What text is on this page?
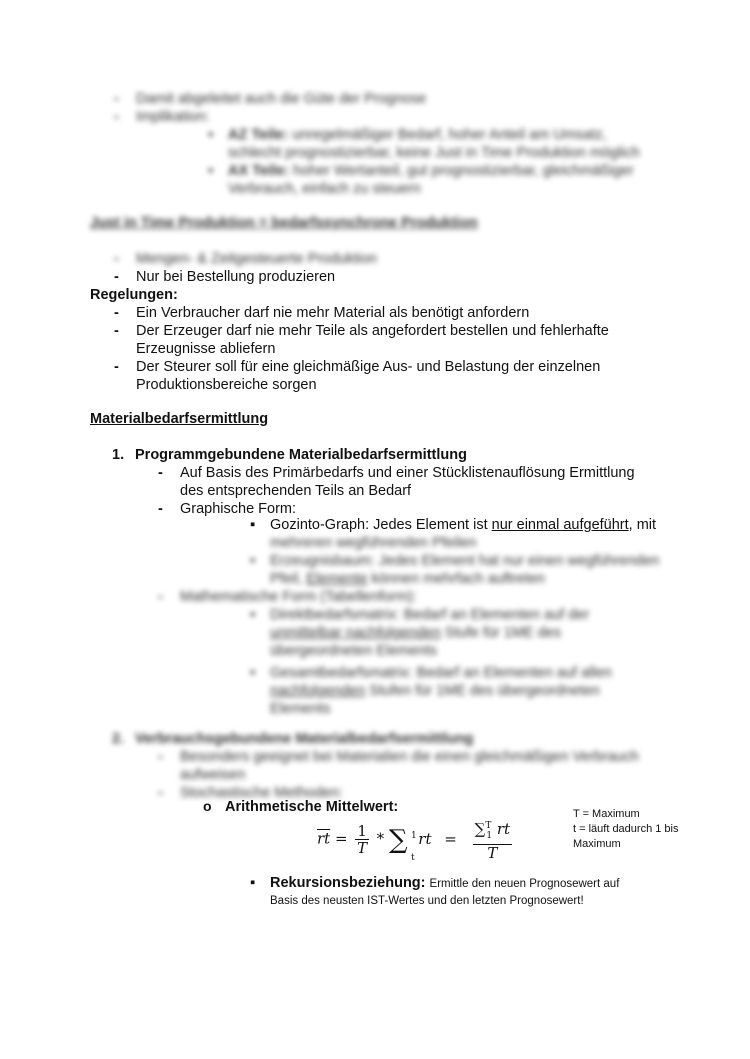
- Damit abgeleitet auch die Güte der Prognose
- Implikation:
▪ AZ Teile: unregelmäßiger Bedarf, hoher Anteil am Umsatz, schlecht prognostizierbar, keine Just in Time Produktion möglich
▪ AX Teile: hoher Wertanteil, gut prognostizierbar, gleichmäßiger Verbrauch, einfach zu steuern
Just in Time Produktion = bedarfssynchrone Produktion
- Mengen- & Zeitgesteuerte Produktion
- Nur bei Bestellung produzieren
Regelungen:
- Ein Verbraucher darf nie mehr Material als benötigt anfordern
- Der Erzeuger darf nie mehr Teile als angefordert bestellen und fehlerhafte Erzeugnisse abliefern
- Der Steurer soll für eine gleichmäßige Aus- und Belastung der einzelnen Produktionsbereiche sorgen
Materialbedarfsermittlung
1. Programmgebundene Materialbedarfsermittlung
- Auf Basis des Primärbedarfs und einer Stücklistenauflösung Ermittlung des entsprechenden Teils an Bedarf
- Graphische Form:
▪ Gozinto-Graph: Jedes Element ist nur einmal aufgeführt, mit
mehreren wegführenden Pfeilen
▪ Erzeugnisbaum: Jedes Element hat nur einen wegführenden Pfeil, Elemente können mehrfach auftreten
- Mathematische Form (Tabellenform):
▪ Direktbedarfsmatrix: Bedarf an Elementen auf der unmittelbar nachfolgenden Stufe für 1ME des übergeordneten Elements
▪ Gesamtbedarfsmatrix: Bedarf an Elementen auf allen nachfolgenden Stufen für 1ME des übergeordneten Elements
2. Verbrauchsgebundene Materialbedarfsermittlung
- Besonders geeignet bei Materialien die einen gleichmäßigen Verbrauch aufweisen
- Stochastische Methoden:
o Arithmetische Mittelwert:
$\overline{rt} = \frac{1}{T}$ * ∑ 1
t
rt = $\frac{\sum^T_1 rt}{T}$
T = Maximum
t = läuft dadurch 1 bis
Maximum
▪ Rekursionsbeziehung: Ermittle den neuen Prognosewert auf
Basis des neusten IST-Wertes und den letzten Prognosewert!
